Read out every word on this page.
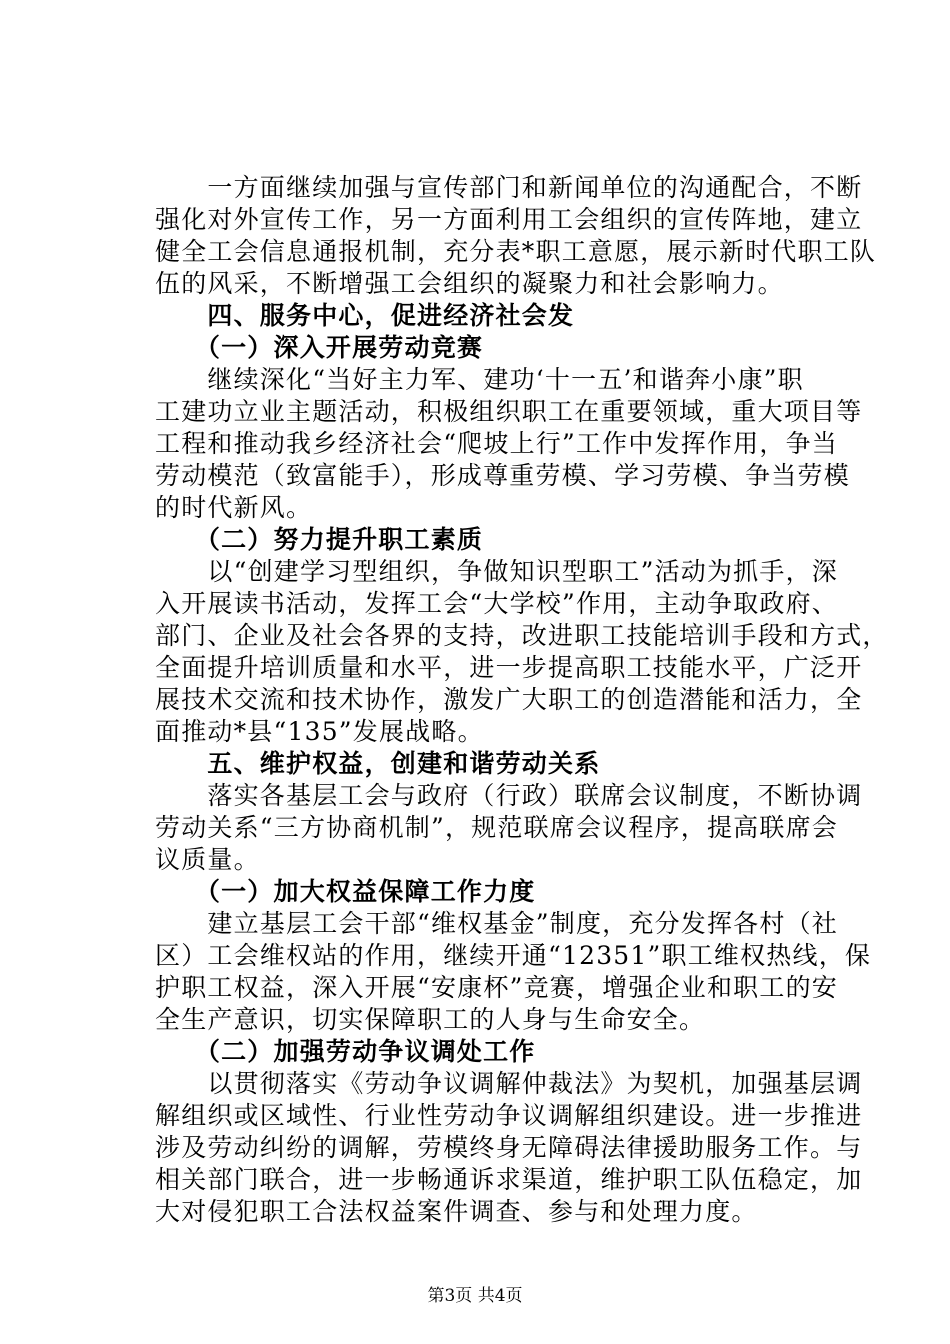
　　一方面继续加强与宣传部门和新闻单位的沟通配合，不断
强化对外宣传工作，另一方面利用工会组织的宣传阵地，建立
健全工会信息通报机制，充分表*职工意愿，展示新时代职工队
伍的风采，不断增强工会组织的凝聚力和社会影响力。
　　四、服务中心，促进经济社会发
　　（一）深入开展劳动竞赛
　　继续深化“当好主力军、建功‘十一五’和谐奔小康”职
工建功立业主题活动，积极组织职工在重要领域，重大项目等
工程和推动我乡经济社会“爬坡上行”工作中发挥作用，争当
劳动模范（致富能手），形成尊重劳模、学习劳模、争当劳模
的时代新风。
　　（二）努力提升职工素质
　　以“创建学习型组织，争做知识型职工”活动为抓手，深
入开展读书活动，发挥工会“大学校”作用，主动争取政府、
部门、企业及社会各界的支持，改进职工技能培训手段和方式，
全面提升培训质量和水平，进一步提高职工技能水平，广泛开
展技术交流和技术协作，激发广大职工的创造潜能和活力，全
面推动*县“135”发展战略。
　　五、维护权益，创建和谐劳动关系
　　落实各基层工会与政府（行政）联席会议制度，不断协调
劳动关系“三方协商机制”，规范联席会议程序，提高联席会
议质量。
　　（一）加大权益保障工作力度
　　建立基层工会干部“维权基金”制度，充分发挥各村（社
区）工会维权站的作用，继续开通“12351”职工维权热线，保
护职工权益，深入开展“安康杯”竞赛，增强企业和职工的安
全生产意识，切实保障职工的人身与生命安全。
　　（二）加强劳动争议调处工作
　　以贯彻落实《劳动争议调解仲裁法》为契机，加强基层调
解组织或区域性、行业性劳动争议调解组织建设。进一步推进
涉及劳动纠纷的调解，劳模终身无障碍法律援助服务工作。与
相关部门联合，进一步畅通诉求渠道，维护职工队伍稳定，加
大对侵犯职工合法权益案件调查、参与和处理力度。
第3页 共4页
